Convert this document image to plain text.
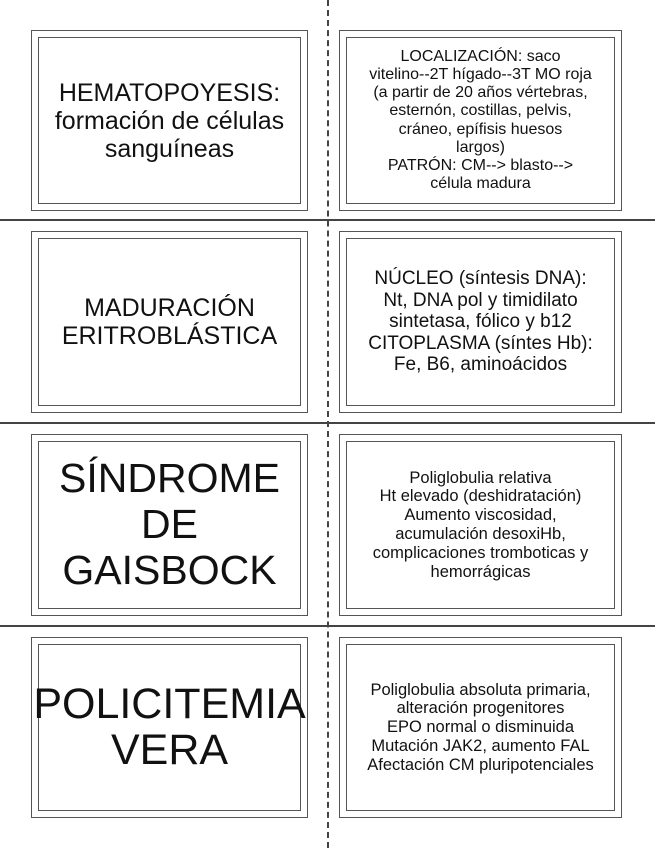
HEMATOPOYESIS:
formación de células
sanguíneas
LOCALIZACIÓN: saco
vitelino--2T hígado--3T MO roja
(a partir de 20 años vértebras,
esternón, costillas, pelvis,
cráneo, epífisis huesos
largos)
PATRÓN: CM--> blasto-->
célula madura
MADURACIÓN
ERITROBLÁSTICA
NÚCLEO (síntesis DNA):
Nt, DNA pol y timidilato
sintetasa, fólico y b12
CITOPLASMA (síntes Hb):
Fe, B6, aminoácidos
SÍNDROME
DE
GAISBOCK
Poliglobulia relativa
Ht elevado (deshidratación)
Aumento viscosidad,
acumulación desoxiHb,
complicaciones tromboticas y
hemorrágicas
POLICITEMIA
VERA
Poliglobulia absoluta primaria,
alteración progenitores
EPO normal o disminuida
Mutación JAK2, aumento FAL
Afectación CM pluripotenciales
